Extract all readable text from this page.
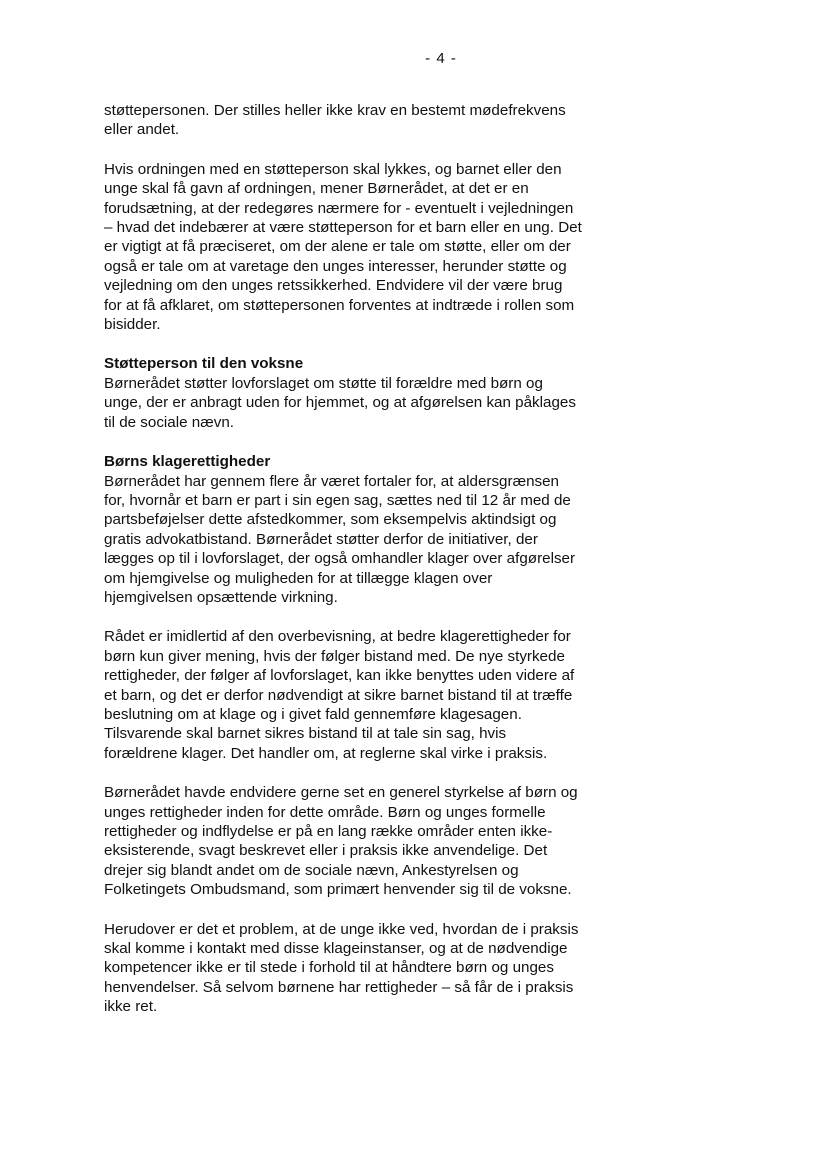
- 4 -
støttepersonen. Der stilles heller ikke krav en bestemt mødefrekvens
eller andet.
Hvis ordningen med en støtteperson skal lykkes, og barnet eller den
unge skal få gavn af ordningen, mener Børnerådet, at det er en
forudsætning, at der redegøres nærmere for - eventuelt i vejledningen
– hvad det indebærer at være støtteperson for et barn eller en ung. Det
er vigtigt at få præciseret, om der alene er tale om støtte, eller om der
også er tale om at varetage den unges interesser, herunder støtte og
vejledning om den unges retssikkerhed. Endvidere vil der være brug
for at få afklaret, om støttepersonen forventes at indtræde i rollen som
bisidder.
Støtteperson til den voksne
Børnerådet støtter lovforslaget om støtte til forældre med børn og
unge, der er anbragt uden for hjemmet, og at afgørelsen kan påklages
til de sociale nævn.
Børns klagerettigheder
Børnerådet har gennem flere år været fortaler for, at aldersgrænsen
for, hvornår et barn er part i sin egen sag, sættes ned til 12 år med de
partsbeføjelser dette afstedkommer, som eksempelvis aktindsigt og
gratis advokatbistand. Børnerådet støtter derfor de initiativer, der
lægges op til i lovforslaget, der også omhandler klager over afgørelser
om hjemgivelse og muligheden for at tillægge klagen over
hjemgivelsen opsættende virkning.
Rådet er imidlertid af den overbevisning, at bedre klagerettigheder for
børn kun giver mening, hvis der følger bistand med. De nye styrkede
rettigheder, der følger af lovforslaget, kan ikke benyttes uden videre af
et barn, og det er derfor nødvendigt at sikre barnet bistand til at træffe
beslutning om at klage og i givet fald gennemføre klagesagen.
Tilsvarende skal barnet sikres bistand til at tale sin sag, hvis
forældrene klager. Det handler om, at reglerne skal virke i praksis.
Børnerådet havde endvidere gerne set en generel styrkelse af børn og
unges rettigheder inden for dette område. Børn og unges formelle
rettigheder og indflydelse er på en lang række områder enten ikke-
eksisterende, svagt beskrevet eller i praksis ikke anvendelige. Det
drejer sig blandt andet om de sociale nævn, Ankestyrelsen og
Folketingets Ombudsmand, som primært henvender sig til de voksne.
Herudover er det et problem, at de unge ikke ved, hvordan de i praksis
skal komme i kontakt med disse klageinstanser, og at de nødvendige
kompetencer ikke er til stede i forhold til at håndtere børn og unges
henvendelser. Så selvom børnene har rettigheder – så får de i praksis
ikke ret.
